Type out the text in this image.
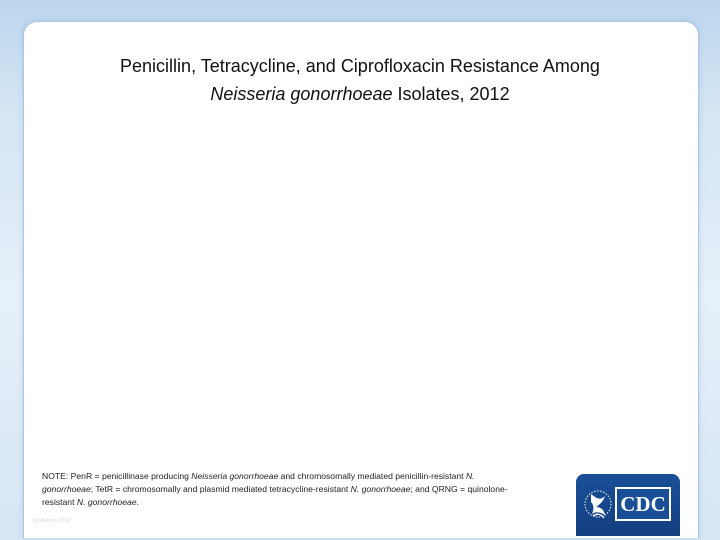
Penicillin, Tetracycline, and Ciprofloxacin Resistance Among
Neisseria gonorrhoeae Isolates, 2012
NOTE: PenR = penicillinase producing Neisseria gonorrhoeae and chromosomally mediated penicillin-resistant N. gonorrhoeae; TetR = chromosomally and plasmid mediated tetracycline-resistant N. gonorrhoeae; and QRNG = quinolone-resistant N. gonorrhoeae.
Updated 2013
CDC
